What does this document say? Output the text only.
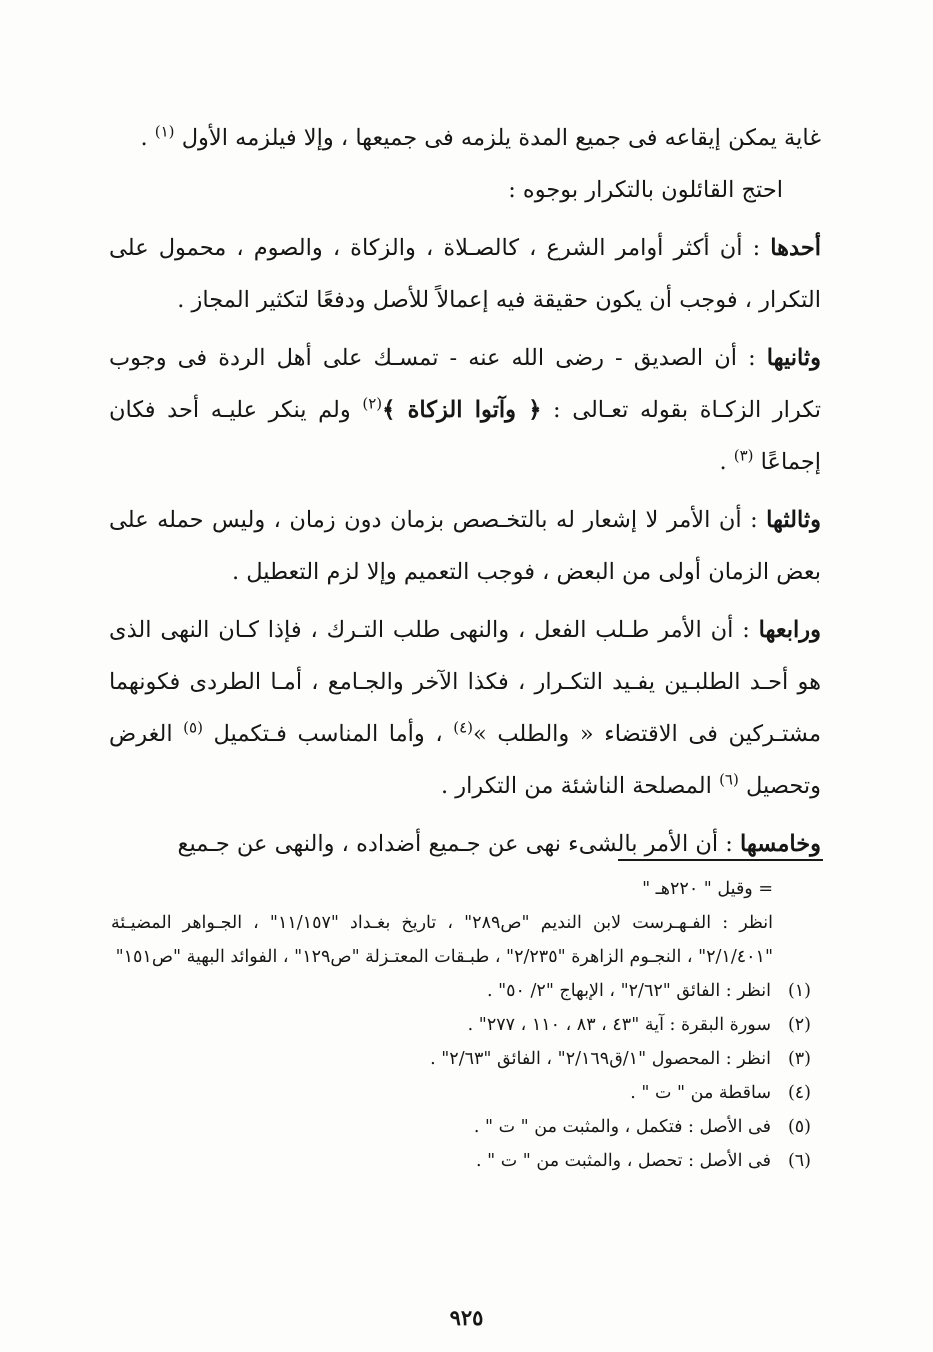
غاية يمكن إيقاعه فى جميع المدة يلزمه فى جميعها ، وإلا فيلزمه الأول $^{(١)}$ .

احتج القائلون بالتكرار بوجوه :

أحدها : أن أكثر أوامر الشرع ، كالصـلاة ، والزكاة ، والصوم ، محمول على التكرار ، فوجب أن يكون حقيقة فيه إعمالاً للأصل ودفعًا لتكثير المجاز .

وثانيها : أن الصديق - رضى الله عنه - تمسـك على أهل الردة فى وجوب تكرار الزكـاة بقوله تعـالى : ﴿ وآتوا الزكاة ﴾$^{(٢)}$ ولم ينكر عليـه أحد فكان إجماعًا $^{(٣)}$ .

وثالثها : أن الأمر لا إشعار له بالتخـصص بزمان دون زمان ، وليس حمله على بعض الزمان أولى من البعض ، فوجب التعميم وإلا لزم التعطيل .

ورابعها : أن الأمر طـلب الفعل ، والنهى طلب التـرك ، فإذا كـان النهى الذى هو أحـد الطلبـين يفـيد التكـرار ، فكذا الآخر والجـامع ، أمـا الطردى فكونهما مشتـركين فى الاقتضاء « والطلب »$^{(٤)}$ ، وأما المناسب فـتكميل $^{(٥)}$ الغرض وتحصيل $^{(٦)}$ المصلحة الناشئة من التكرار .

وخامسها : أن الأمر بالشىء نهى عن جـميع أضداده ، والنهى عن جـميع

= وقيل " ٢٢٠هـ "
انظر : الفـهـرست لابن النديم "ص٢٨٩" ، تاريخ بغـداد "١١/١٥٧" ، الجـواهر المضيـئة "٢/١/٤٠١" ، النجـوم الزاهرة "٢/٢٣٥" ، طبـقات المعتـزلة "ص١٢٩" ، الفوائد البهية "ص١٥١"
(١)
انظر : الفائق "٢/٦٢" ، الإبهاج "٢/ ٥٠" .
(٢)
سورة البقرة : آية "٤٣ ، ٨٣ ، ١١٠ ، ٢٧٧" .
(٣)
انظر : المحصول "١/ق٢/١٦٩" ، الفائق "٢/٦٣" .
(٤)
ساقطة من " ت " .
(٥)
فى الأصل : فتكمل ، والمثبت من " ت " .
(٦)
فى الأصل : تحصل ، والمثبت من " ت " .
٩٢٥
